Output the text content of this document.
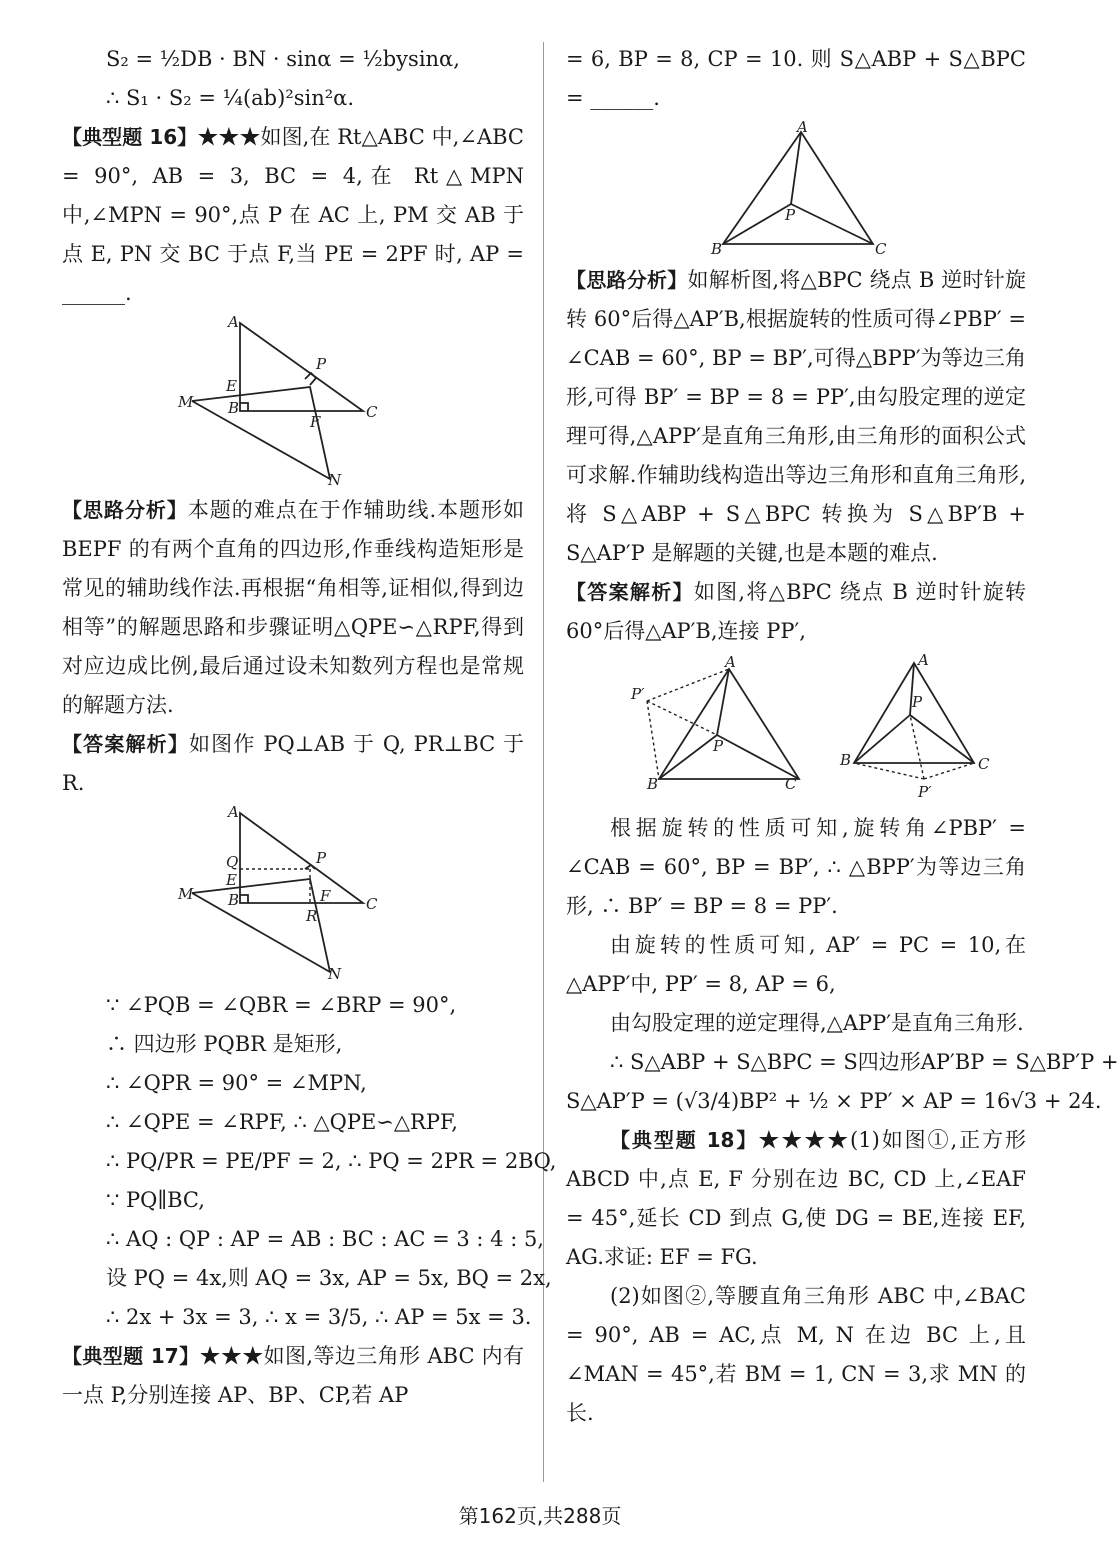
S₂ = ½DB · BN · sinα = ½bysinα,
∴ S₁ · S₂ = ¼(ab)²sin²α.
【典型题 16】★★★如图,在 Rt△ABC 中,∠ABC = 90°, AB = 3, BC = 4,在 Rt△MPN 中,∠MPN = 90°,点 P 在 AC 上, PM 交 AB 于点 E, PN 交 BC 于点 F,当 PE = 2PF 时, AP = ______.
A
P
E
M B
F
C
N
【思路分析】本题的难点在于作辅助线.本题形如 BEPF 的有两个直角的四边形,作垂线构造矩形是常见的辅助线作法.再根据“角相等,证相似,得到边相等”的解题思路和步骤证明△QPE∽△RPF,得到对应边成比例,最后通过设未知数列方程也是常规的解题方法.
【答案解析】如图作 PQ⊥AB 于 Q, PR⊥BC 于 R.
A
Q	P
E
M B	F C
R
N
∵ ∠PQB = ∠QBR = ∠BRP = 90°,
∴ 四边形 PQBR 是矩形,
∴ ∠QPR = 90° = ∠MPN,
∴ ∠QPE = ∠RPF, ∴ △QPE∽△RPF,
∴ PQ/PR = PE/PF = 2, ∴ PQ = 2PR = 2BQ,
∵ PQ∥BC,
∴ AQ : QP : AP = AB : BC : AC = 3 : 4 : 5,
设 PQ = 4x,则 AQ = 3x, AP = 5x, BQ = 2x,
∴ 2x + 3x = 3, ∴ x = 3/5, ∴ AP = 5x = 3.
【典型题 17】★★★如图,等边三角形 ABC 内有一点 P,分别连接 AP、BP、CP,若 AP
= 6, BP = 8, CP = 10. 则 S△ABP + S△BPC = ______.
A
P
B	C
【思路分析】如解析图,将△BPC 绕点 B 逆时针旋转 60°后得△AP′B,根据旋转的性质可得∠PBP′ = ∠CAB = 60°, BP = BP′,可得△BPP′为等边三角形,可得 BP′ = BP = 8 = PP′,由勾股定理的逆定理可得,△APP′是直角三角形,由三角形的面积公式可求解.作辅助线构造出等边三角形和直角三角形,将 S△ABP + S△BPC 转换为 S△BP′B + S△AP′P 是解题的关键,也是本题的难点.
【答案解析】如图,将△BPC 绕点 B 逆时针旋转 60°后得△AP′B,连接 PP′,
A
P′
P
B	C
A
P
B	C
P′
根据旋转的性质可知,旋转角∠PBP′ = ∠CAB = 60°, BP = BP′, ∴ △BPP′为等边三角形, ∴ BP′ = BP = 8 = PP′.
由旋转的性质可知, AP′ = PC = 10,在△APP′中, PP′ = 8, AP = 6,
由勾股定理的逆定理得,△APP′是直角三角形.
∴ S△ABP + S△BPC = S四边形AP′BP = S△BP′P +
S△AP′P = (√3/4)BP² + ½ × PP′ × AP = 16√3 + 24.
【典型题 18】★★★★(1)如图①,正方形 ABCD 中,点 E, F 分别在边 BC, CD 上,∠EAF = 45°,延长 CD 到点 G,使 DG = BE,连接 EF, AG.求证: EF = FG.
(2)如图②,等腰直角三角形 ABC 中,∠BAC = 90°, AB = AC,点 M, N 在边 BC 上,且∠MAN = 45°,若 BM = 1, CN = 3,求 MN 的长.
第162页,共288页
